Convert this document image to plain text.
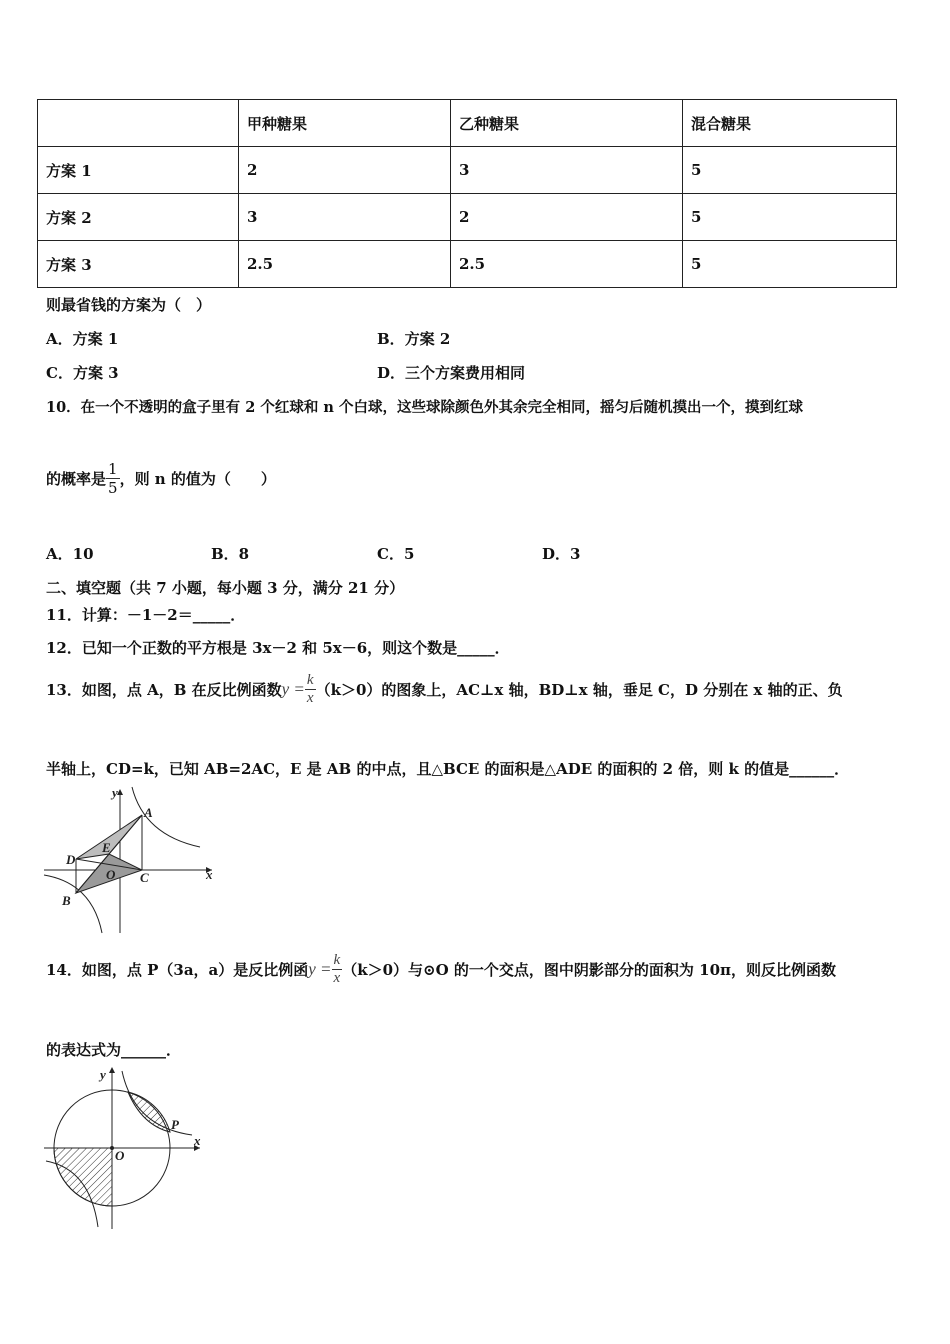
	甲种糖果	乙种糖果	混合糖果
方案 1	2	3	5
方案 2	3	2	5
方案 3	2.5	2.5	5
则最省钱的方案为（　）
A．方案 1	B．方案 2
C．方案 3	D．三个方案费用相同
10．在一个不透明的盒子里有 2 个红球和 n 个白球，这些球除颜色外其余完全相同，摇匀后随机摸出一个，摸到红球
的概率是 $\frac{1}{5}$ ，则 n 的值为（　　）
A．10	B．8	C．5	D．3
二、填空题（共 7 小题，每小题 3 分，满分 21 分）
11．计算：－1－2＝_____．
12．已知一个正数的平方根是 3x－2 和 5x－6，则这个数是_____．
13．如图，点 A，B 在反比例函数$y = \frac{k}{x} (k>0)$的图象上，AC⊥x 轴，BD⊥x 轴，垂足 C，D 分别在 x 轴的正、负
半轴上，CD=k，已知 AB=2AC，E 是 AB 的中点，且△BCE 的面积是△ADE 的面积的 2 倍，则 k 的值是______．
y
A
D
E
O C	x
B
14．如图，点 P（3a，a）是反比例函$y = \frac{k}{x} (k>0)$与⊙O 的一个交点，图中阴影部分的面积为 10π，则反比例函数
的表达式为______．
y
P
O
x
